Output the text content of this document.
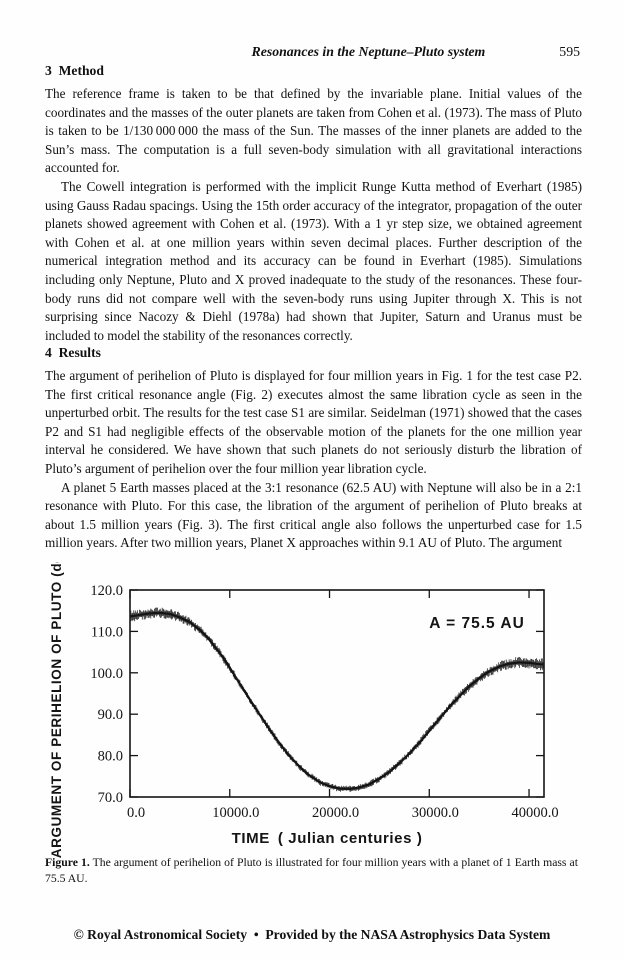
Resonances in the Neptune–Pluto system	595
3 Method

The reference frame is taken to be that defined by the invariable plane. Initial values of the coordinates and the masses of the outer planets are taken from Cohen et al. (1973). The mass of Pluto is taken to be 1/130 000 000 the mass of the Sun. The masses of the inner planets are added to the Sun’s mass. The computation is a full seven-body simulation with all gravitational interactions accounted for.

The Cowell integration is performed with the implicit Runge Kutta method of Everhart (1985) using Gauss Radau spacings. Using the 15th order accuracy of the integrator, propagation of the outer planets showed agreement with Cohen et al. (1973). With a 1 yr step size, we obtained agreement with Cohen et al. at one million years within seven decimal places. Further description of the numerical integration method and its accuracy can be found in Everhart (1985). Simulations including only Neptune, Pluto and X proved inadequate to the study of the resonances. These four-body runs did not compare well with the seven-body runs using Jupiter through X. This is not surprising since Nacozy & Diehl (1978a) had shown that Jupiter, Saturn and Uranus must be included to model the stability of the resonances correctly.

4 Results

The argument of perihelion of Pluto is displayed for four million years in Fig. 1 for the test case P2. The first critical resonance angle (Fig. 2) executes almost the same libration cycle as seen in the unperturbed orbit. The results for the test case S1 are similar. Seidelman (1971) showed that the cases P2 and S1 had negligible effects of the observable motion of the planets for the one million year interval he considered. We have shown that such planets do not seriously disturb the libration of Pluto’s argument of perihelion over the four million year libration cycle.

A planet 5 Earth masses placed at the 3:1 resonance (62.5 AU) with Neptune will also be in a 2:1 resonance with Pluto. For this case, the libration of the argument of perihelion of Pluto breaks at about 1.5 million years (Fig. 3). The first critical angle also follows the unperturbed case for 1.5 million years. After two million years, Planet X approaches within 9.1 AU of Pluto. The argument

0.0	10000.0	20000.0	30000.0	40000.0
70.0
80.0
90.0
100.0
110.0
120.0
TIME ( Julian centuries )
ARGUMENT OF PERIHELION OF PLUTO (deg)	A = 75.5 AU
Figure 1. The argument of perihelion of Pluto is illustrated for four million years with a planet of 1 Earth mass at 75.5 AU.
© Royal Astronomical Society • Provided by the NASA Astrophysics Data System
